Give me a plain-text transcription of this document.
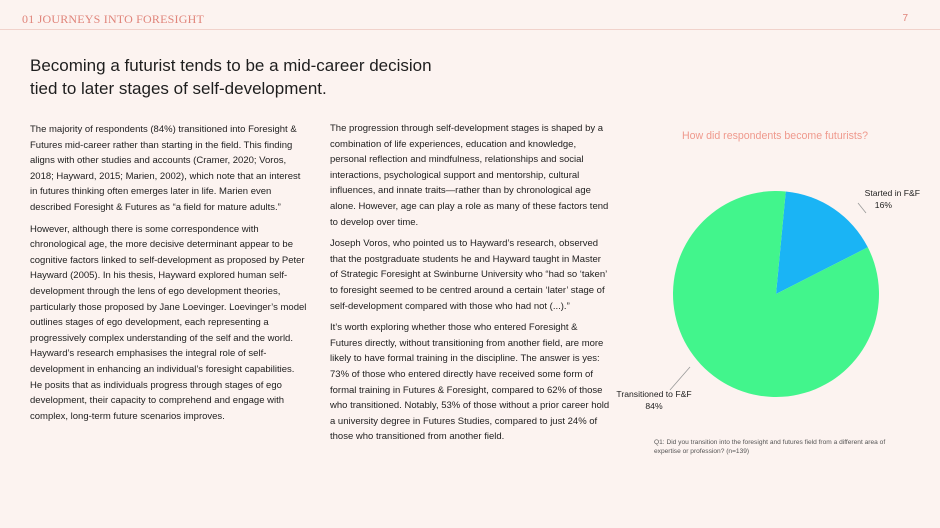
01 JOURNEYS INTO FORESIGHT	7
Becoming a futurist tends to be a mid-career decision tied to later stages of self-development.

The majority of respondents (84%) transitioned into Foresight & Futures mid-career rather than starting in the field. This finding aligns with other studies and accounts (Cramer, 2020; Voros, 2018; Hayward, 2015; Marien, 2002), which note that an interest in futures thinking often emerges later in life. Marien even described Foresight & Futures as “a field for mature adults.”

However, although there is some correspondence with chronological age, the more decisive determinant appear to be cognitive factors linked to self-development as proposed by Peter Hayward (2005). In his thesis, Hayward explored human self-development through the lens of ego development theories, particularly those proposed by Jane Loevinger. Loevinger’s model outlines stages of ego development, each representing a progressively complex understanding of the self and the world. Hayward’s research emphasises the integral role of self-development in enhancing an individual’s foresight capabilities. He posits that as individuals progress through stages of ego development, their capacity to comprehend and engage with complex, long-term future scenarios improves.

The progression through self-development stages is shaped by a combination of life experiences, education and knowledge, personal reflection and mindfulness, relationships and social interactions, psychological support and mentorship, cultural influences, and innate traits—rather than by chronological age alone. However, age can play a role as many of these factors tend to develop over time.

Joseph Voros, who pointed us to Hayward’s research, observed that the postgraduate students he and Hayward taught in Master of Strategic Foresight at Swinburne University who “had so ‘taken’ to foresight seemed to be centred around a certain ‘later’ stage of self-development compared with those who had not (...).”

It’s worth exploring whether those who entered Foresight & Futures directly, without transitioning from another field, are more likely to have formal training in the discipline. The answer is yes: 73% of those who entered directly have received some form of formal training in Futures & Foresight, compared to 62% of those who transitioned. Notably, 53% of those without a prior career hold a university degree in Futures Studies, compared to just 24% of those who transitioned from another field.

How did respondents become futurists?
Started in F&F
16%
Transitioned to F&F
84%
Q1: Did you transition into the foresight and futures field from a different area of expertise or profession? (n=139)
